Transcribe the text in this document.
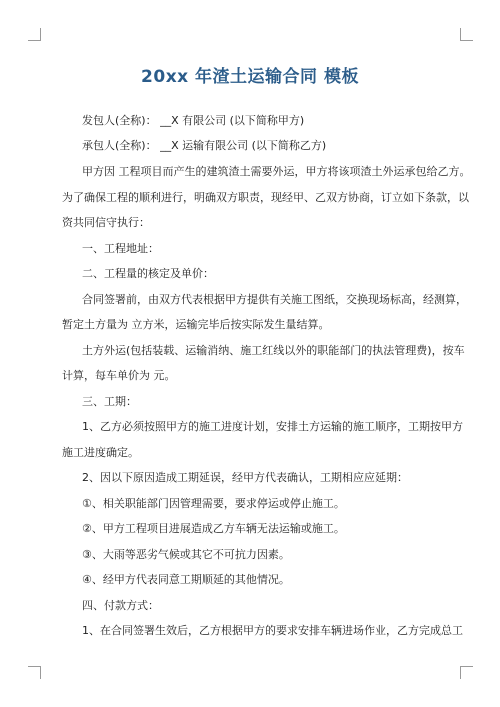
20xx 年渣土运输合同 模板
发包人(全称)： __X 有限公司 (以下简称甲方)
承包人(全称)： __X 运输有限公司 (以下简称乙方)
甲方因 工程项目而产生的建筑渣土需要外运，甲方将该项渣土外运承包给乙方。
为了确保工程的顺利进行，明确双方职责，现经甲、乙双方协商，订立如下条款，以
资共同信守执行：
一、工程地址：
二、工程量的核定及单价：
合同签署前，由双方代表根据甲方提供有关施工图纸，交换现场标高，经测算，
暂定土方量为 立方米，运输完毕后按实际发生量结算。
土方外运(包括装载、运输消纳、施工红线以外的职能部门的执法管理费)，按车
计算，每车单价为 元。
三、工期：
1、乙方必须按照甲方的施工进度计划，安排土方运输的施工顺序，工期按甲方
施工进度确定。
2、因以下原因造成工期延误，经甲方代表确认，工期相应应延期：
①、相关职能部门因管理需要，要求停运或停止施工。
②、甲方工程项目进展造成乙方车辆无法运输或施工。
③、大雨等恶劣气候或其它不可抗力因素。
④、经甲方代表同意工期顺延的其他情况。
四、付款方式：
1、在合同签署生效后，乙方根据甲方的要求安排车辆进场作业，乙方完成总工
